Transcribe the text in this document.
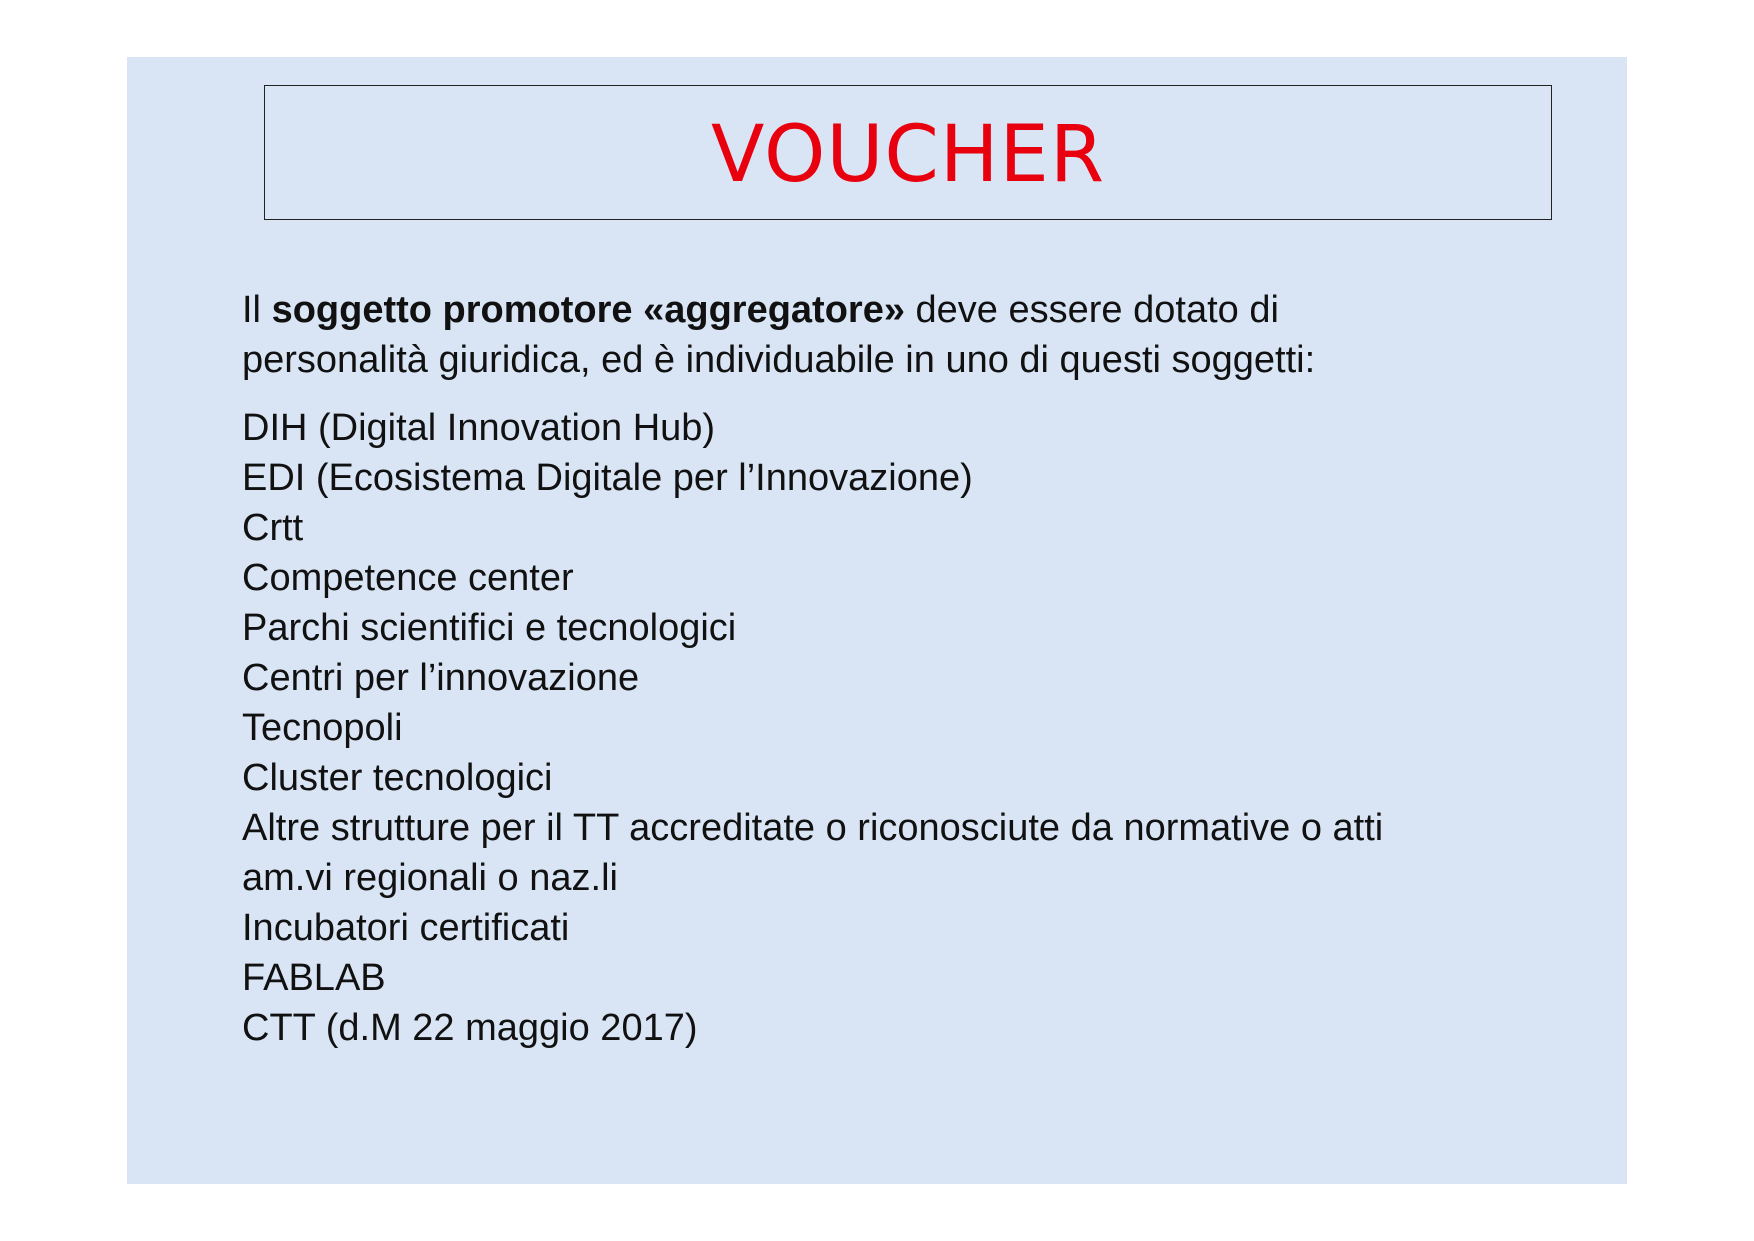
VOUCHER

Il soggetto promotore «aggregatore» deve essere dotato di
personalità giuridica, ed è individuabile in uno di questi soggetti:

DIH (Digital Innovation Hub)
EDI (Ecosistema Digitale per l’Innovazione)
Crtt
Competence center
Parchi scientifici e tecnologici
Centri per l’innovazione
Tecnopoli
Cluster tecnologici
Altre strutture per il TT accreditate o riconosciute da normative o atti
am.vi regionali o naz.li
Incubatori certificati
FABLAB
CTT (d.M 22 maggio 2017)
